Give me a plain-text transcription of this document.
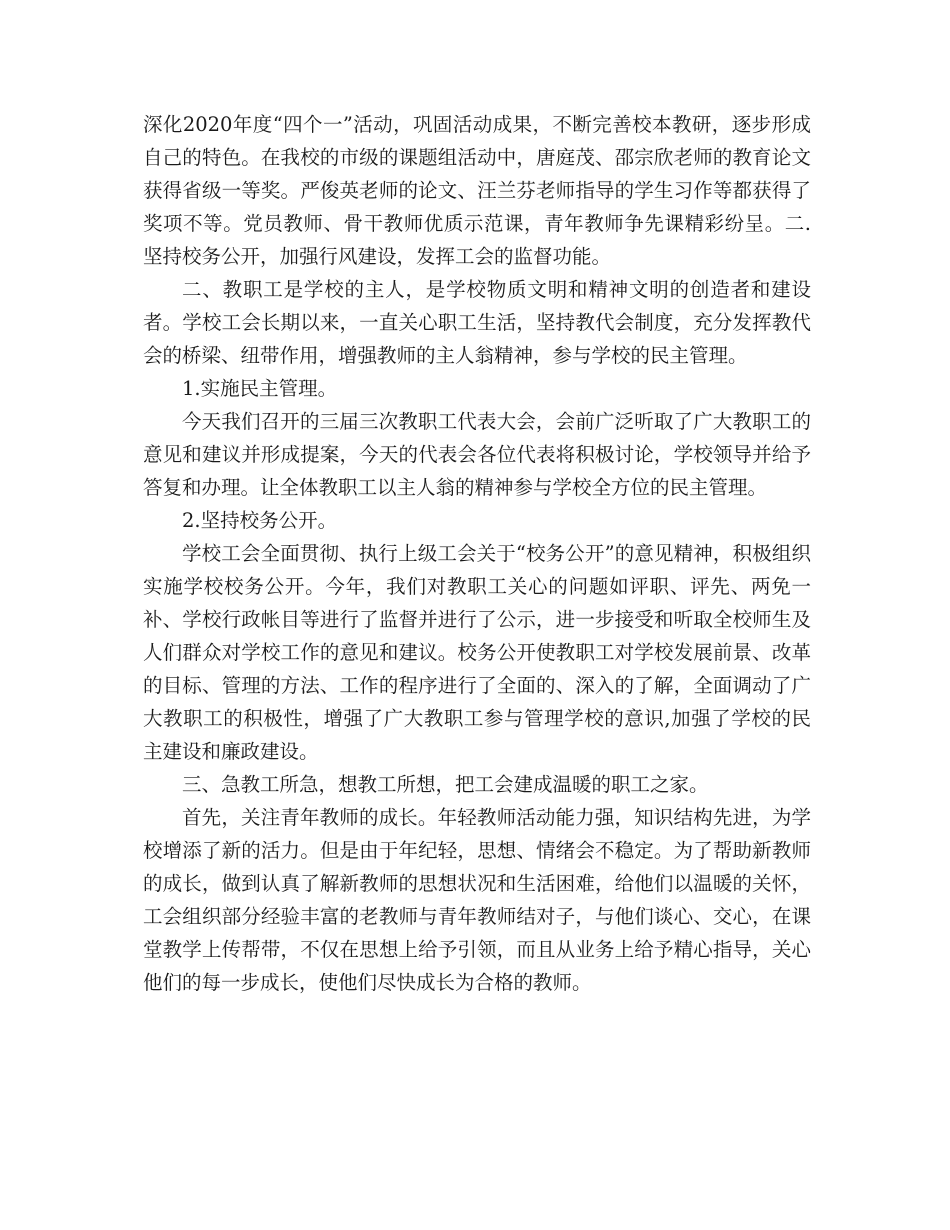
深化2020年度“四个一”活动，巩固活动成果，不断完善校本教研，逐步形成自己的特色。在我校的市级的课题组活动中，唐庭茂、邵宗欣老师的教育论文获得省级一等奖。严俊英老师的论文、汪兰芬老师指导的学生习作等都获得了奖项不等。党员教师、骨干教师优质示范课，青年教师争先课精彩纷呈。二.坚持校务公开，加强行风建设，发挥工会的监督功能。

二、教职工是学校的主人，是学校物质文明和精神文明的创造者和建设者。学校工会长期以来，一直关心职工生活，坚持教代会制度，充分发挥教代会的桥梁、纽带作用，增强教师的主人翁精神，参与学校的民主管理。

1.实施民主管理。

今天我们召开的三届三次教职工代表大会，会前广泛听取了广大教职工的意见和建议并形成提案，今天的代表会各位代表将积极讨论，学校领导并给予答复和办理。让全体教职工以主人翁的精神参与学校全方位的民主管理。

2.坚持校务公开。

学校工会全面贯彻、执行上级工会关于“校务公开”的意见精神，积极组织实施学校校务公开。今年，我们对教职工关心的问题如评职、评先、两免一补、学校行政帐目等进行了监督并进行了公示，进一步接受和听取全校师生及人们群众对学校工作的意见和建议。校务公开使教职工对学校发展前景、改革的目标、管理的方法、工作的程序进行了全面的、深入的了解，全面调动了广大教职工的积极性，增强了广大教职工参与管理学校的意识,加强了学校的民主建设和廉政建设。

三、急教工所急，想教工所想，把工会建成温暖的职工之家。

首先，关注青年教师的成长。年轻教师活动能力强，知识结构先进，为学校增添了新的活力。但是由于年纪轻，思想、情绪会不稳定。为了帮助新教师的成长，做到认真了解新教师的思想状况和生活困难，给他们以温暖的关怀，工会组织部分经验丰富的老教师与青年教师结对子，与他们谈心、交心，在课堂教学上传帮带，不仅在思想上给予引领，而且从业务上给予精心指导，关心他们的每一步成长，使他们尽快成长为合格的教师。
